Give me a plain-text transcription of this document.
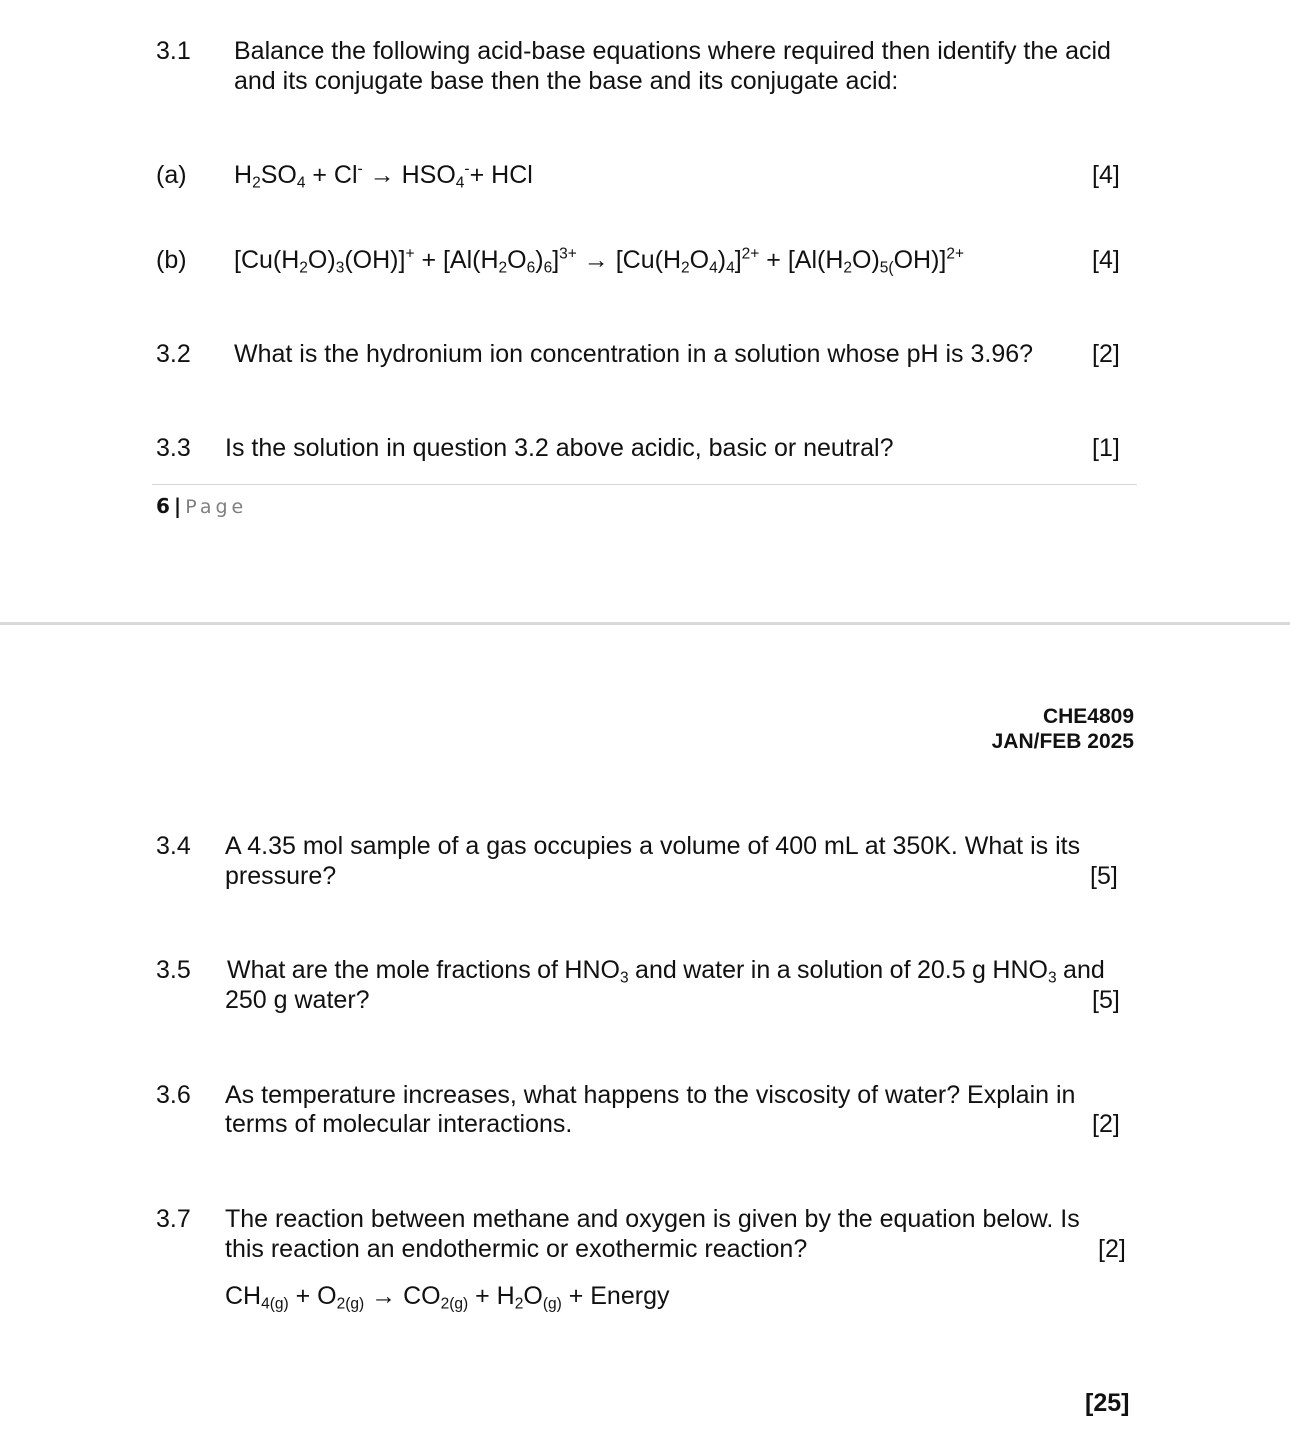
3.1 Balance the following acid-base equations where required then identify the acid
and its conjugate base then the base and its conjugate acid:
(a) $H_2SO_4 + Cl^- \to HSO_4^-+$ HCl	[4]
(b) $[Cu(H_2O)_3(OH)]^+ + [Al(H_2O_6)_6]^{3+} \to [Cu(H_2O_4)_4]^{2+} + [Al(H_2O)_{5(}OH)]^{2+}$	[4]
3.2 What is the hydronium ion concentration in a solution whose pH is 3.96? [2]
3.3 Is the solution in question 3.2 above acidic, basic or neutral?	[1]
6 | Page
CHE4809
JAN/FEB 2025
3.4 A 4.35 mol sample of a gas occupies a volume of 400 mL at 350K. What is its
pressure?	[5]
3.5 What are the mole fractions of $HNO_3$ and water in a solution of 20.5 g $HNO_3$ and
250 g water?	[5]
3.6 As temperature increases, what happens to the viscosity of water? Explain in
terms of molecular interactions.	[2]
3.7 The reaction between methane and oxygen is given by the equation below. Is
this reaction an endothermic or exothermic reaction?	[2]
$CH_{4(g)} + O_{2(g)} \to CO_{2(g)} + H_2O_{(g)}$ + Energy
[25]
